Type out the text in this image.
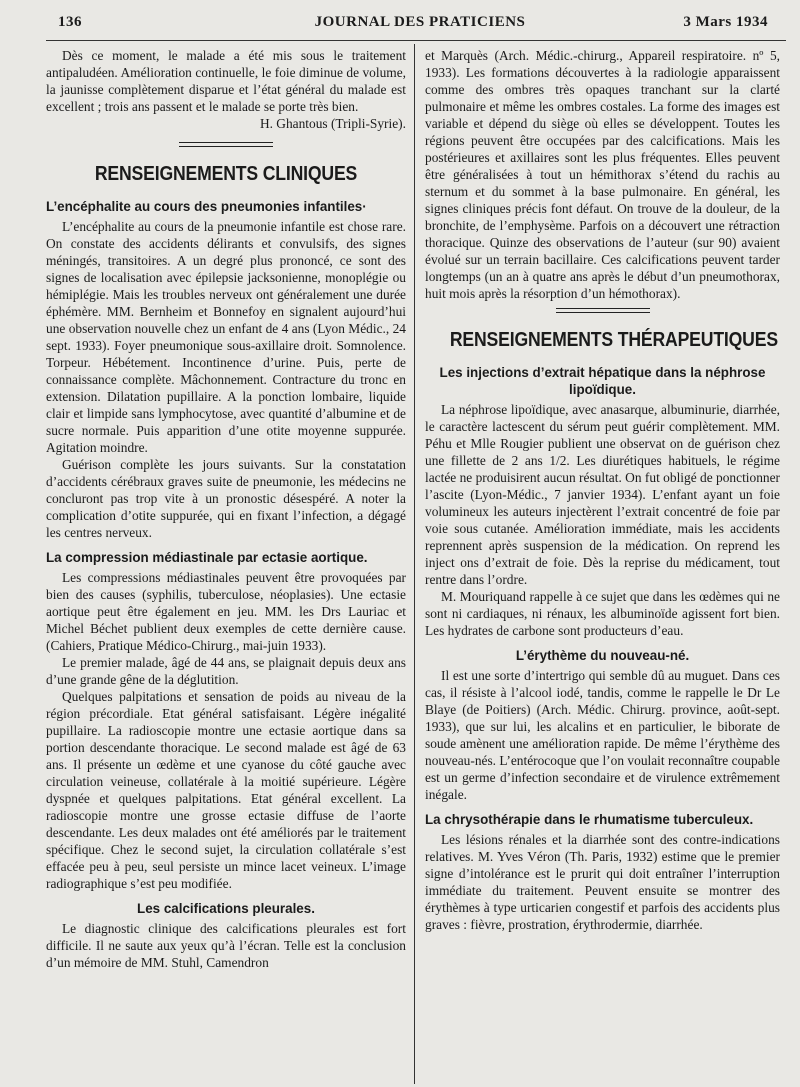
136	JOURNAL DES PRATICIENS	3 Mars 1934

Dès ce moment, le malade a été mis sous le traitement antipaludéen. Amélioration continuelle, le foie diminue de volume, la jaunisse complètement disparue et l’état général du malade est excellent ; trois ans passent et le malade se porte très bien.

H. Ghantous (Tripli-Syrie).
RENSEIGNEMENTS CLINIQUES
L’encéphalite au cours des pneumonies infantiles·

L’encéphalite au cours de la pneumonie infantile est chose rare. On constate des accidents délirants et convulsifs, des signes méningés, transitoires. A un degré plus prononcé, ce sont des signes de localisation avec épilepsie jacksonienne, monoplégie ou hémiplégie. Mais les troubles nerveux ont généralement une durée éphémère. MM. Bernheim et Bonnefoy en signalent aujourd’hui une observation nouvelle chez un enfant de 4 ans (Lyon Médic., 24 sept. 1933). Foyer pneumonique sous-axillaire droit. Somnolence. Torpeur. Hébétement. Incontinence d’urine. Puis, perte de connaissance complète. Mâchonnement. Contracture du tronc en extension. Dilatation pupillaire. A la ponction lombaire, liquide clair et limpide sans lymphocytose, avec quantité d’albumine et de sucre normale. Puis apparition d’une otite moyenne suppurée. Agitation moindre.

Guérison complète les jours suivants. Sur la constatation d’accidents cérébraux graves suite de pneumonie, les médecins ne concluront pas trop vite à un pronostic désespéré. A noter la complication d’otite suppurée, qui en fixant l’infection, a dégagé les centres nerveux.

La compression médiastinale par ectasie aortique.

Les compressions médiastinales peuvent être provoquées par bien des causes (syphilis, tuberculose, néoplasies). Une ectasie aortique peut être également en jeu. MM. les Drs Lauriac et Michel Béchet publient deux exemples de cette dernière cause. (Cahiers, Pratique Médico-Chirurg., mai-juin 1933).

Le premier malade, âgé de 44 ans, se plaignait depuis deux ans d’une grande gêne de la déglutition.

Quelques palpitations et sensation de poids au niveau de la région précordiale. Etat général satisfaisant. Légère inégalité pupillaire. La radioscopie montre une ectasie aortique dans sa portion descendante thoracique. Le second malade est âgé de 63 ans. Il présente un œdème et une cyanose du côté gauche avec circulation veineuse, collatérale à la moitié supérieure. Légère dyspnée et quelques palpitations. Etat général excellent. La radioscopie montre une grosse ectasie diffuse de l’aorte descendante. Les deux malades ont été améliorés par le traitement spécifique. Chez le second sujet, la circulation collatérale s’est effacée peu à peu, seul persiste un mince lacet veineux. L’image radiographique s’est peu modifiée.

Les calcifications pleurales.

Le diagnostic clinique des calcifications pleurales est fort difficile. Il ne saute aux yeux qu’à l’écran. Telle est la conclusion d’un mémoire de MM. Stuhl, Camendron

et Marquès (Arch. Médic.-chirurg., Appareil respiratoire. nº 5, 1933). Les formations découvertes à la radiologie apparaissent comme des ombres très opaques tranchant sur la clarté pulmonaire et même les ombres costales. La forme des images est variable et dépend du siège où elles se développent. Toutes les régions peuvent être occupées par des calcifications. Mais les postérieures et axillaires sont les plus fréquentes. Elles peuvent être généralisées à tout un hémithorax s’étend du rachis au sternum et du sommet à la base pulmonaire. En général, les signes cliniques précis font défaut. On trouve de la douleur, de la bronchite, de l’emphysème. Parfois on a découvert une rétraction thoracique. Quinze des observations de l’auteur (sur 90) avaient évolué sur un terrain bacillaire. Ces calcifications peuvent tarder longtemps (un an à quatre ans après le début d’un pneumothorax, huit mois après la résorption d’un hémothorax).

RENSEIGNEMENTS THÉRAPEUTIQUES
Les injections d’extrait hépatique dans la néphrose lipoïdique.

La néphrose lipoïdique, avec anasarque, albuminurie, diarrhée, le caractère lactescent du sérum peut guérir complètement. MM. Péhu et Mlle Rougier publient une observat on de guérison chez une fillette de 2 ans 1/2. Les diurétiques habituels, le régime lactée ne produisirent aucun résultat. On fut obligé de ponctionner l’ascite (Lyon-Médic., 7 janvier 1934). L’enfant ayant un foie volumineux les auteurs injectèrent l’extrait concentré de foie par voie sous cutanée. Amélioration immédiate, mais les accidents reprennent après suspension de la médication. On reprend les inject ons d’extrait de foie. Dès la reprise du médicament, tout rentre dans l’ordre.

M. Mouriquand rappelle à ce sujet que dans les œdèmes qui ne sont ni cardiaques, ni rénaux, les albuminoïde agissent fort bien. Les hydrates de carbone sont producteurs d’eau.

L’érythème du nouveau-né.

Il est une sorte d’intertrigo qui semble dû au muguet. Dans ces cas, il résiste à l’alcool iodé, tandis, comme le rappelle le Dr Le Blaye (de Poitiers) (Arch. Médic. Chirurg. province, août-sept. 1933), que sur lui, les alcalins et en particulier, le biborate de soude amènent une amélioration rapide. De même l’érythème des nouveau-nés. L’entérocoque que l’on voulait reconnaître coupable est un germe d’infection secondaire et de virulence extrêmement inégale.

La chrysothérapie dans le rhumatisme tuberculeux.

Les lésions rénales et la diarrhée sont des contre-indications relatives. M. Yves Véron (Th. Paris, 1932) estime que le premier signe d’intolérance est le prurit qui doit entraîner l’interruption immédiate du traitement. Peuvent ensuite se montrer des érythèmes à type urticarien congestif et parfois des accidents plus graves : fièvre, prostration, érythrodermie, diarrhée.
